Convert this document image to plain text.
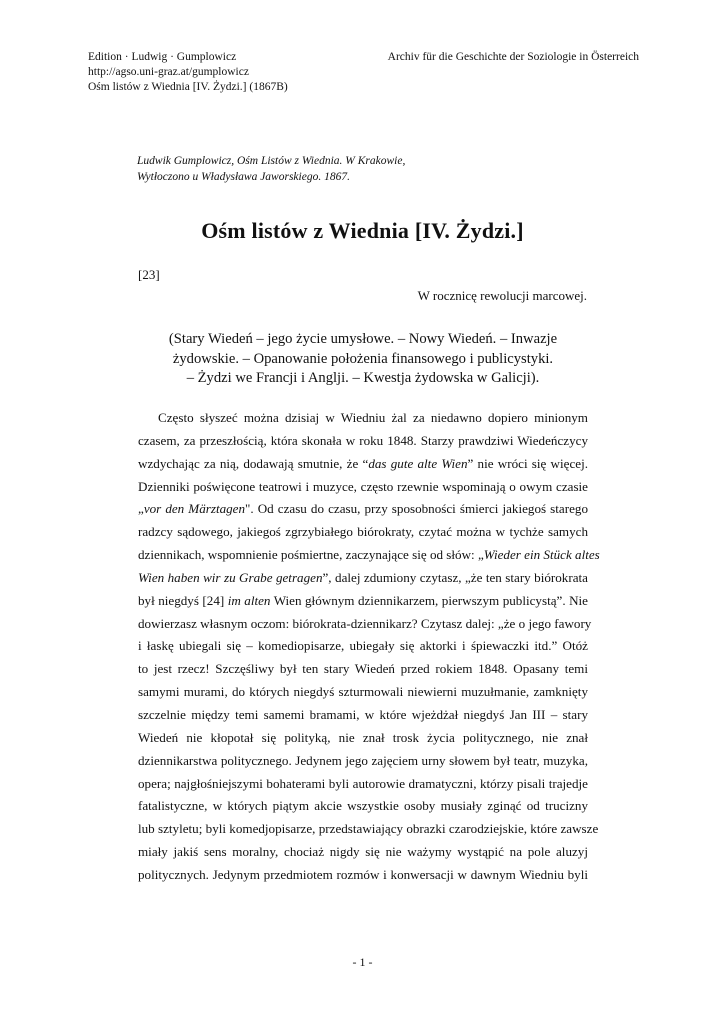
Edition · Ludwig · Gumplowicz
http://agso.uni-graz.at/gumplowicz
Ośm listów z Wiednia [IV. Żydzi.] (1867B)
Archiv für die Geschichte der Soziologie in Österreich
Ludwik Gumplowicz, Ośm Listów z Wiednia. W Krakowie,
Wytłoczono u Władysława Jaworskiego. 1867.
Ośm listów z Wiednia [IV. Żydzi.]
[23]
W rocznicę rewolucji marcowej.
(Stary Wiedeń – jego życie umysłowe. – Nowy Wiedeń. – Inwazje
żydowskie. – Opanowanie położenia finansowego i publicystyki.
– Żydzi we Francji i Anglji. – Kwestja żydowska w Galicji).
Często słyszeć można dzisiaj w Wiedniu żal za niedawno dopiero minionym
czasem, za przeszłością, która skonała w roku 1848. Starzy prawdziwi Wiedeńczycy
wzdychając za nią, dodawają smutnie, że “das gute alte Wien” nie wróci się więcej.
Dzienniki poświęcone teatrowi i muzyce, często rzewnie wspominają o owym czasie
„vor den Märztagen". Od czasu do czasu, przy sposobności śmierci jakiegoś starego
radzcy sądowego, jakiegoś zgrzybiałego biórokraty, czytać można w tychże samych
dziennikach, wspomnienie pośmiertne, zaczynające się od słów: „Wieder ein Stück altes
Wien haben wir zu Grabe getragen”, dalej zdumiony czytasz, „że ten stary biórokrata
był niegdyś [24] im alten Wien głównym dziennikarzem, pierwszym publicystą”. Nie
dowierzasz własnym oczom: biórokrata-dziennikarz? Czytasz dalej: „że o jego fawory
i łaskę ubiegali się – komediopisarze, ubiegały się aktorki i śpiewaczki itd.” Otóż
to jest rzecz! Szczęśliwy był ten stary Wiedeń przed rokiem 1848. Opasany temi
samymi murami, do których niegdyś szturmowali niewierni muzułmanie, zamknięty
szczelnie między temi samemi bramami, w które wjeżdżał niegdyś Jan III – stary
Wiedeń nie kłopotał się polityką, nie znał trosk życia politycznego, nie znał
dziennikarstwa politycznego. Jedynem jego zajęciem urny słowem był teatr, muzyka,
opera; najgłośniejszymi bohaterami byli autorowie dramatyczni, którzy pisali trajedje
fatalistyczne, w których piątym akcie wszystkie osoby musiały zginąć od trucizny
lub sztyletu; byli komedjopisarze, przedstawiający obrazki czarodziejskie, które zawsze
miały jakiś sens moralny, chociaż nigdy się nie ważymy wystąpić na pole aluzyj
politycznych. Jedynym przedmiotem rozmów i konwersacji w dawnym Wiedniu byli
- 1 -
